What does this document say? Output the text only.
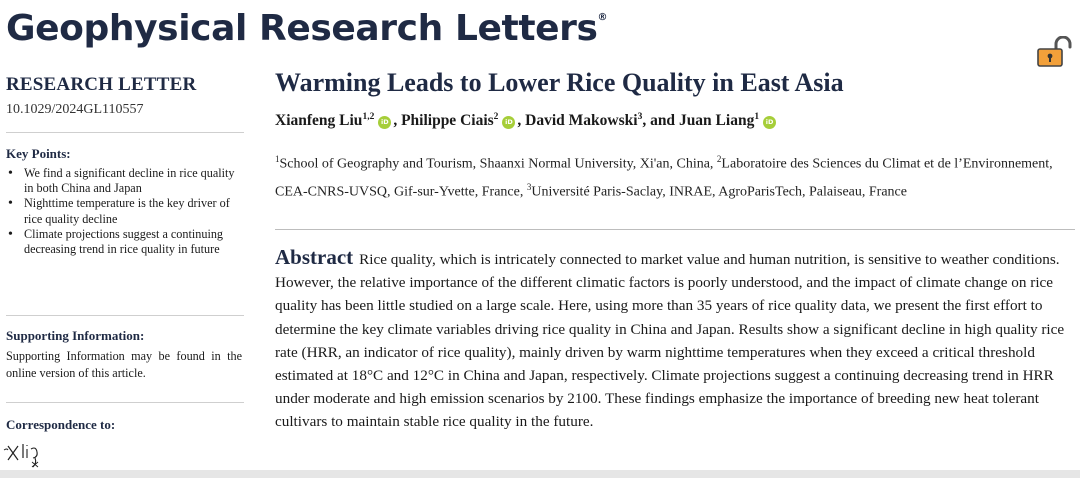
Geophysical Research Letters®
RESEARCH LETTER
10.1029/2024GL110557
Key Points:
• We find a significant decline in rice quality in both China and Japan
• Nighttime temperature is the key driver of rice quality decline
• Climate projections suggest a continuing decreasing trend in rice quality in future
Supporting Information:
Supporting Information may be found in the online version of this article.
Correspondence to:
Warming Leads to Lower Rice Quality in East Asia
Xianfeng Liu$^{1,2}$iD , Philippe Ciais$^2$iD , David Makowski$^3$, and Juan Liang$^1$iD
$^1$School of Geography and Tourism, Shaanxi Normal University, Xi'an, China, $^2$Laboratoire des Sciences du Climat et de l’Environnement, CEA-CNRS-UVSQ, Gif-sur-Yvette, France, $^3$Université Paris-Saclay, INRAE, AgroParisTech, Palaiseau, France
Abstract Rice quality, which is intricately connected to market value and human nutrition, is sensitive to weather conditions. However, the relative importance of the different climatic factors is poorly understood, and the impact of climate change on rice quality has been little studied on a large scale. Here, using more than 35 years of rice quality data, we present the first effort to determine the key climate variables driving rice quality in China and Japan. Results show a significant decline in high quality rice rate (HRR, an indicator of rice quality), mainly driven by warm nighttime temperatures when they exceed a critical threshold estimated at 18°C and 12°C in China and Japan, respectively. Climate projections suggest a continuing decreasing trend in HRR under moderate and high emission scenarios by 2100. These findings emphasize the importance of breeding new heat tolerant cultivars to maintain stable rice quality in the future.
